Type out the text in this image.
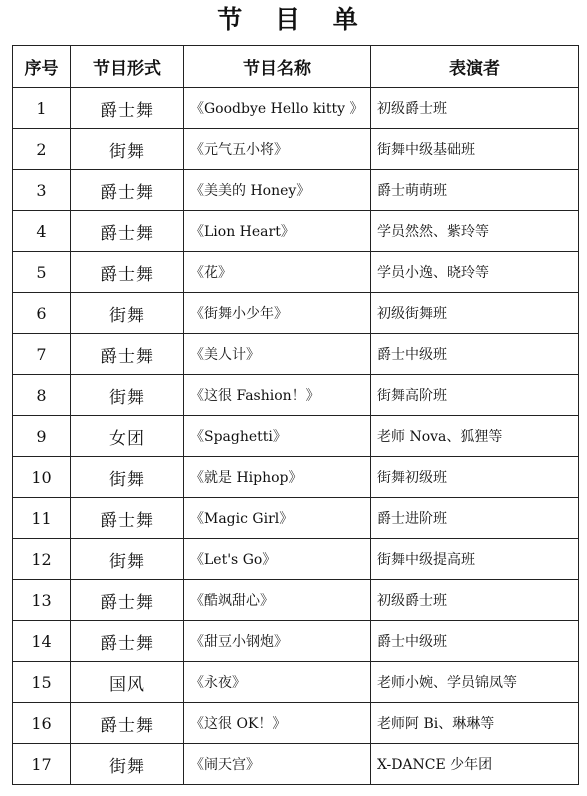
节 目 单
序号	节目形式	节目名称	表演者
1	爵士舞	《Goodbye Hello kitty 》	初级爵士班
2	街舞	《元气五小将》	街舞中级基础班
3	爵士舞	《美美的 Honey》	爵士萌萌班
4	爵士舞	《Lion Heart》	学员然然、紫玲等
5	爵士舞	《花》	学员小逸、晓玲等
6	街舞	《街舞小少年》	初级街舞班
7	爵士舞	《美人计》	爵士中级班
8	街舞	《这很 Fashion！》	街舞高阶班
9	女团	《Spaghetti》	老师 Nova、狐狸等
10	街舞	《就是 Hiphop》	街舞初级班
11	爵士舞	《Magic Girl》	爵士进阶班
12	街舞	《Let's Go》	街舞中级提高班
13	爵士舞	《酷飒甜心》	初级爵士班
14	爵士舞	《甜豆小钢炮》	爵士中级班
15	国风	《永夜》	老师小婉、学员锦凤等
16	爵士舞	《这很 OK！》	老师阿 Bi、琳琳等
17	街舞	《闹天宫》	X-DANCE 少年团
